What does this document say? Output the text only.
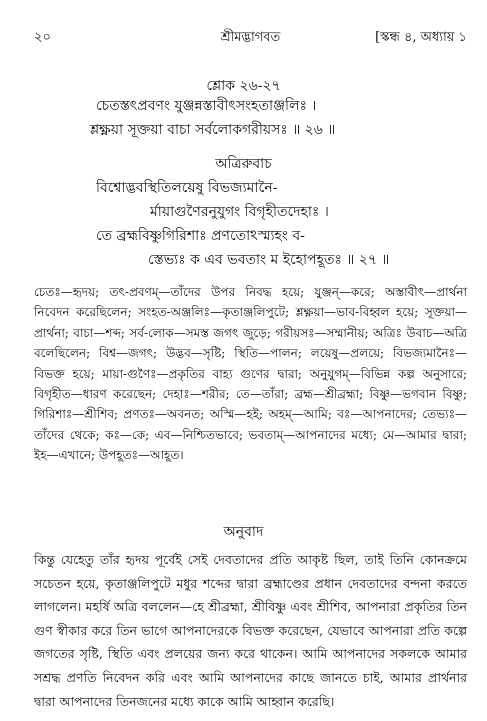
২০	শ্রীমদ্ভাগবত	[স্কন্ধ ৪, অধ্যায় ১
শ্লোক ২৬-২৭
চেতস্তৎপ্রবণং যুঞ্জন্নস্তাবীৎসংহতাঞ্জলিঃ ।
শ্লক্ষ্ণয়া সূক্তয়া বাচা সর্বলোকগরীয়সঃ ॥ ২৬ ॥
অত্রিরুবাচ
বিশ্বোদ্ভবস্থিতিলয়েষু বিভজ্যমানৈ-
র্মায়াগুণৈরনুযুগং বিগৃহীতদেহাঃ ।
তে ব্রহ্মবিষ্ণুগিরিশাঃ প্রণতোঽস্ম্যহং ব-
স্তেভ্যঃ ক এব ভবতাং ম ইহোপহূতঃ ॥ ২৭ ॥

চেতঃ—হৃদয়; তৎ-প্রবণম্—তাঁদের উপর নিবদ্ধ হয়ে; যুঞ্জন্—করে; অস্তাবীৎ—প্রার্থনা নিবেদন করেছিলেন; সংহত-অঞ্জলিঃ—কৃতাঞ্জলিপুটে; শ্লক্ষ্ণয়া—ভাব-বিহ্বল হয়ে; সূক্তয়া—প্রার্থনা; বাচা—শব্দ; সর্ব-লোক—সমস্ত জগৎ জুড়ে; গরীয়সঃ—সম্মানীয়; অত্রিঃ উবাচ—অত্রি বলেছিলেন; বিশ্ব—জগৎ; উদ্ভব—সৃষ্টি; স্থিতি—পালন; লয়েষু—প্রলয়ে; বিভজ্যমানৈঃ—বিভক্ত হয়ে; মায়া-গুণৈঃ—প্রকৃতির বাহ্য গুণের দ্বারা; অনুযুগম্—বিভিন্ন কল্প অনুসারে; বিগৃহীত—ধারণ করেছেন; দেহাঃ—শরীর; তে—তাঁরা; ব্রহ্ম—শ্রীব্রহ্মা; বিষ্ণু—ভগবান বিষ্ণু; গিরিশাঃ—শ্রীশিব; প্রণতঃ—অবনত; অস্মি—হই; অহম্—আমি; বঃ—আপনাদের; তেভ্যঃ—তাঁদের থেকে; কঃ—কে; এব—নিশ্চিতভাবে; ভবতাম্—আপনাদের মধ্যে; মে—আমার দ্বারা; ইহ—এখানে; উপহূতঃ—আহূত।

অনুবাদ

কিন্তু যেহেতু তাঁর হৃদয় পূর্বেই সেই দেবতাদের প্রতি আকৃষ্ট ছিল, তাই তিনি কোনক্রমে সচেতন হয়ে, কৃতাঞ্জলিপুটে মধুর শব্দের দ্বারা ব্রহ্মাণ্ডের প্রধান দেবতাদের বন্দনা করতে লাগলেন। মহর্ষি অত্রি বললেন—হে শ্রীব্রহ্মা, শ্রীবিষ্ণু এবং শ্রীশিব, আপনারা প্রকৃতির তিন গুণ স্বীকার করে তিন ভাগে আপনাদেরকে বিভক্ত করেছেন, যেভাবে আপনারা প্রতি কল্পে জগতের সৃষ্টি, স্থিতি এবং প্রলয়ের জন্য করে থাকেন। আমি আপনাদের সকলকে আমার সশ্রদ্ধ প্রণতি নিবেদন করি এবং আমি আপনাদের কাছে জানতে চাই, আমার প্রার্থনার দ্বারা আপনাদের তিনজনের মধ্যে কাকে আমি আহ্বান করেছি।
